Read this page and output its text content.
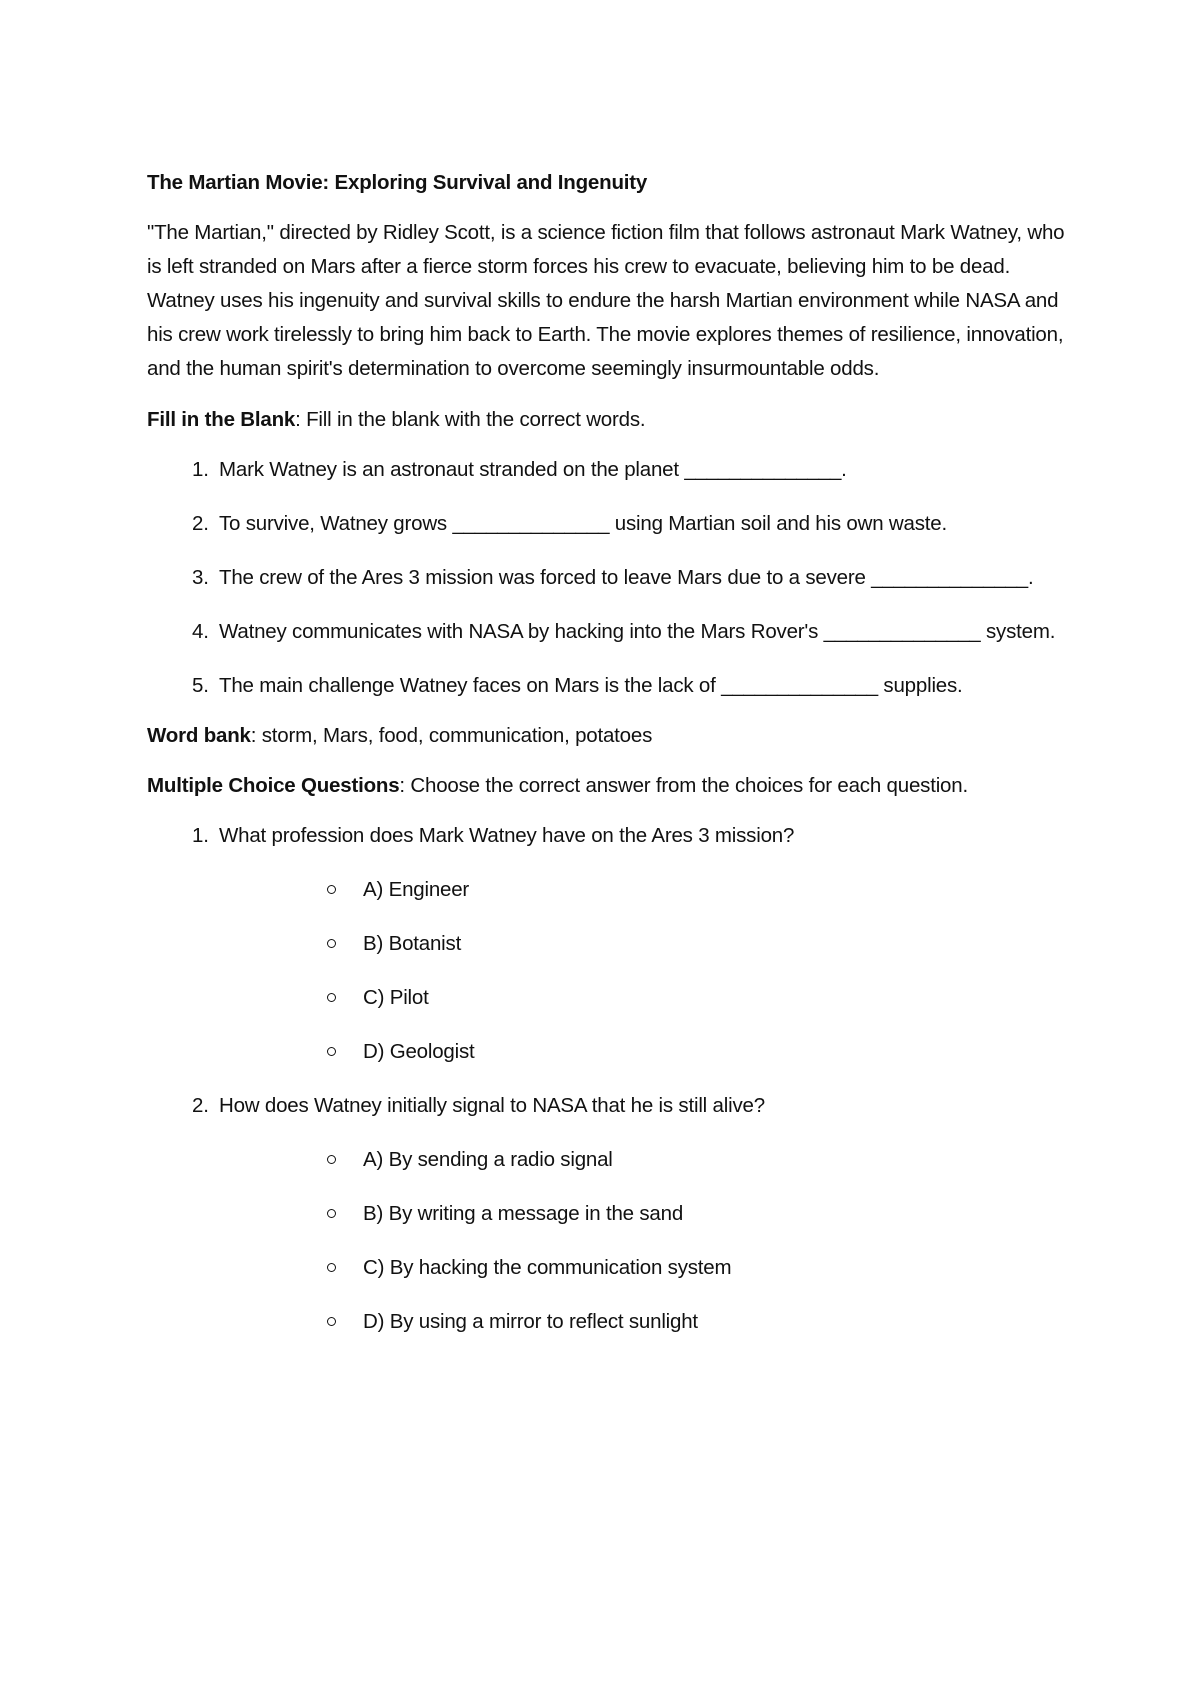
The Martian Movie: Exploring Survival and Ingenuity

"The Martian," directed by Ridley Scott, is a science fiction film that follows astronaut Mark Watney, who is left stranded on Mars after a fierce storm forces his crew to evacuate, believing him to be dead. Watney uses his ingenuity and survival skills to endure the harsh Martian environment while NASA and his crew work tirelessly to bring him back to Earth. The movie explores themes of resilience, innovation, and the human spirit's determination to overcome seemingly insurmountable odds.

Fill in the Blank: Fill in the blank with the correct words.

1. Mark Watney is an astronaut stranded on the planet ______________.
2. To survive, Watney grows ______________ using Martian soil and his own waste.
3. The crew of the Ares 3 mission was forced to leave Mars due to a severe ______________.
4. Watney communicates with NASA by hacking into the Mars Rover's ______________ system.
5. The main challenge Watney faces on Mars is the lack of ______________ supplies.

Word bank: storm, Mars, food, communication, potatoes

Multiple Choice Questions: Choose the correct answer from the choices for each question.

1. What profession does Mark Watney have on the Ares 3 mission?
A) Engineer
B) Botanist
C) Pilot
D) Geologist
2. How does Watney initially signal to NASA that he is still alive?
A) By sending a radio signal
B) By writing a message in the sand
C) By hacking the communication system
D) By using a mirror to reflect sunlight
